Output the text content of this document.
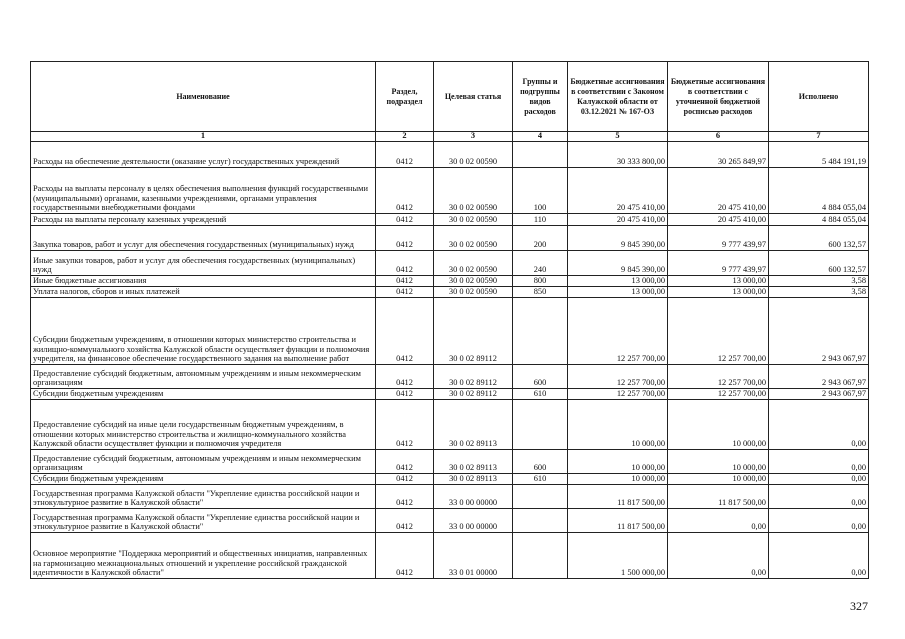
Наименование	Раздел, подраздел	Целевая статья	Группы и подгруппы видов расходов	Бюджетные ассигнования в соответствии с Законом Калужской области от 03.12.2021 № 167-ОЗ	Бюджетные ассигнования в соответствии с уточненной бюджетной росписью расходов	Исполнено
1	2	3	4	5	6	7
Расходы на обеспечение деятельности (оказание услуг) государственных учреждений	0412	30 0 02 00590		30 333 800,00	30 265 849,97	5 484 191,19
Расходы на выплаты персоналу в целях обеспечения выполнения функций государственными (муниципальными) органами, казенными учреждениями, органами управления государственными внебюджетными фондами	0412	30 0 02 00590	100	20 475 410,00	20 475 410,00	4 884 055,04
Расходы на выплаты персоналу казенных учреждений	0412	30 0 02 00590	110	20 475 410,00	20 475 410,00	4 884 055,04
Закупка товаров, работ и услуг для обеспечения государственных (муниципальных) нужд	0412	30 0 02 00590	200	9 845 390,00	9 777 439,97	600 132,57
Иные закупки товаров, работ и услуг для обеспечения государственных (муниципальных) нужд	0412	30 0 02 00590	240	9 845 390,00	9 777 439,97	600 132,57
Иные бюджетные ассигнования	0412	30 0 02 00590	800	13 000,00	13 000,00	3,58
Уплата налогов, сборов и иных платежей	0412	30 0 02 00590	850	13 000,00	13 000,00	3,58
Субсидии бюджетным учреждениям, в отношении которых министерство строительства и жилищно-коммунального хозяйства Калужской области осуществляет функции и полномочия учредителя, на финансовое обеспечение государственного задания на выполнение работ	0412	30 0 02 89112		12 257 700,00	12 257 700,00	2 943 067,97
Предоставление субсидий бюджетным, автономным учреждениям и иным некоммерческим организациям	0412	30 0 02 89112	600	12 257 700,00	12 257 700,00	2 943 067,97
Субсидии бюджетным учреждениям	0412	30 0 02 89112	610	12 257 700,00	12 257 700,00	2 943 067,97
Предоставление субсидий на иные цели государственным бюджетным учреждениям, в отношении которых министерство строительства и жилищно-коммунального хозяйства Калужской области осуществляет функции и полномочия учредителя	0412	30 0 02 89113		10 000,00	10 000,00	0,00
Предоставление субсидий бюджетным, автономным учреждениям и иным некоммерческим организациям	0412	30 0 02 89113	600	10 000,00	10 000,00	0,00
Субсидии бюджетным учреждениям	0412	30 0 02 89113	610	10 000,00	10 000,00	0,00
Государственная программа Калужской области "Укрепление единства российской нации и этнокультурное развитие в Калужской области"	0412	33 0 00 00000		11 817 500,00	11 817 500,00	0,00
Государственная программа Калужской области "Укрепление единства российской нации и этнокультурное развитие в Калужской области"	0412	33 0 00 00000		11 817 500,00	0,00	0,00
Основное мероприятие "Поддержка мероприятий и общественных инициатив, направленных на гармонизацию межнациональных отношений и укрепление российской гражданской идентичности в Калужской области"	0412	33 0 01 00000		1 500 000,00	0,00	0,00
327
